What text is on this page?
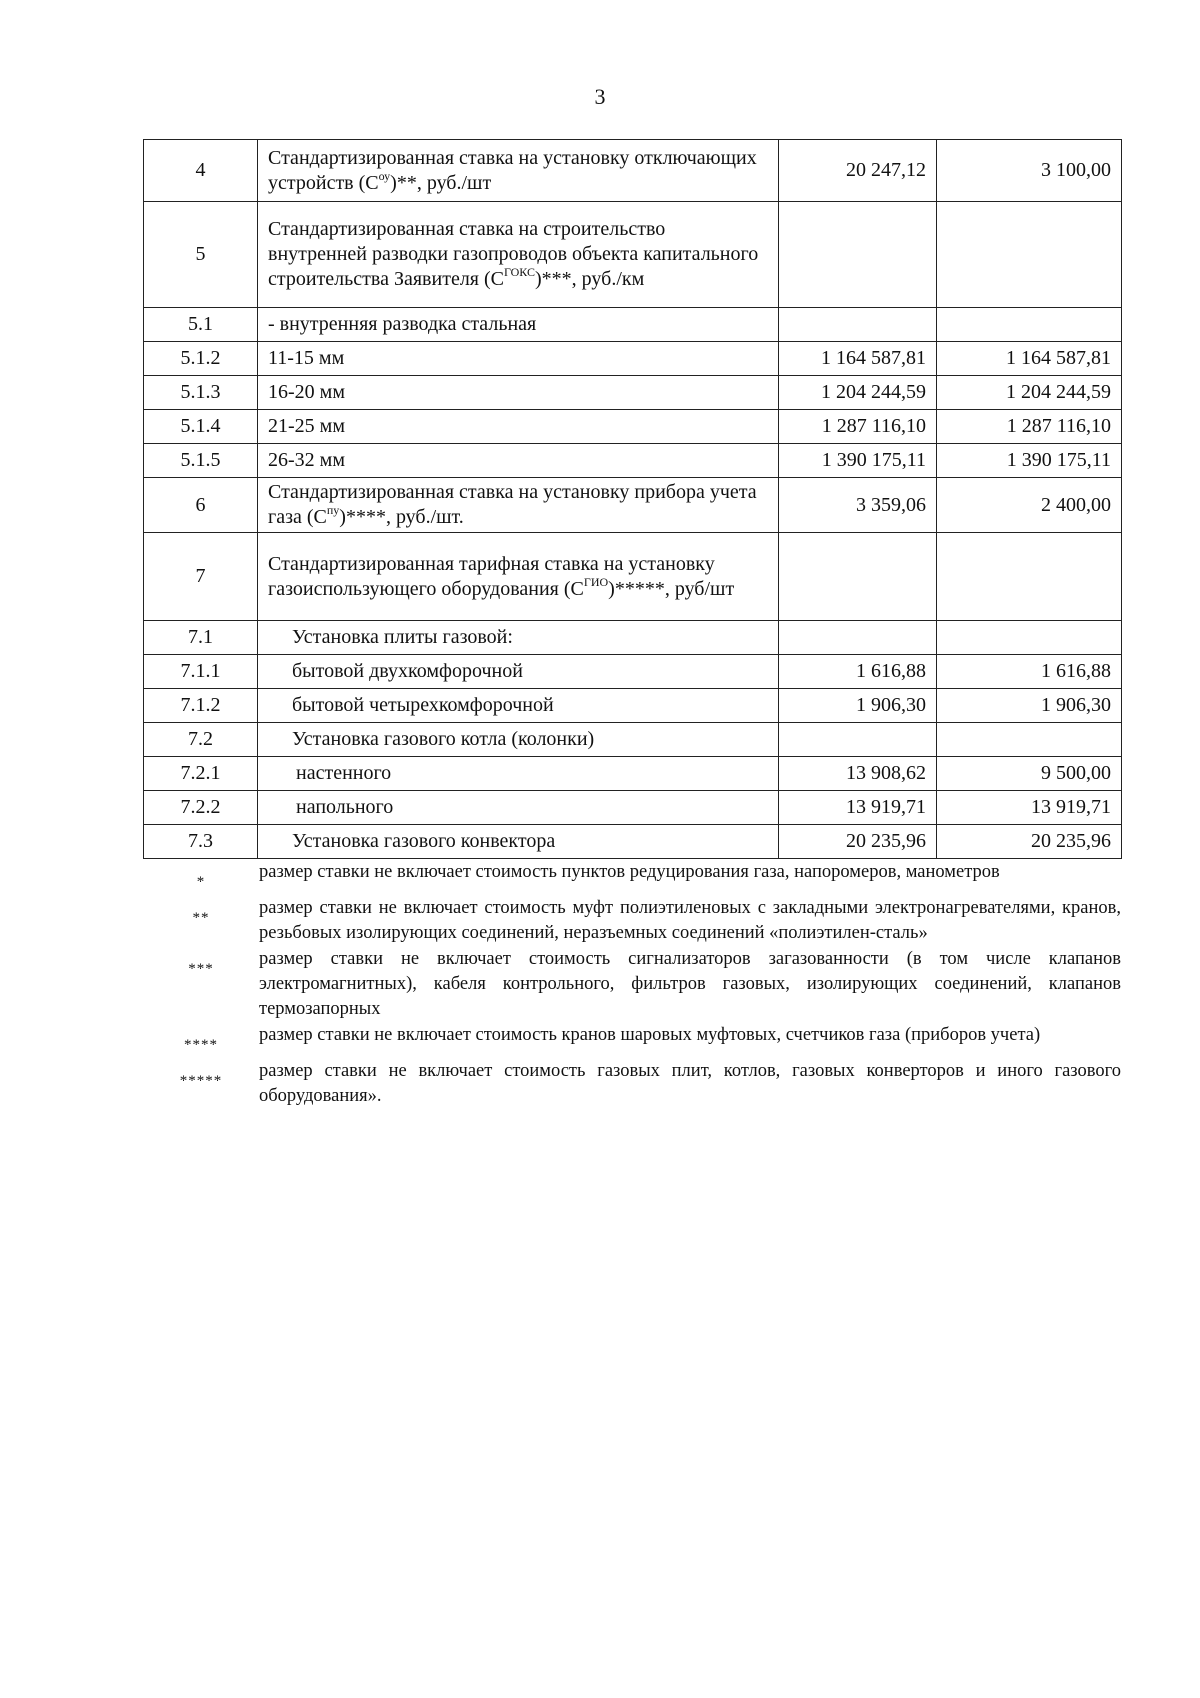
3
4	Стандартизированная ставка на установку отключающих устройств $(С^{оу})**$, руб./шт	20 247,12	3 100,00
5	Стандартизированная ставка на строительство внутренней разводки газопроводов объекта капитального строительства Заявителя $(С^{ГОКС})***$, руб./км		
5.1	- внутренняя разводка стальная		
5.1.2	11-15 мм	1 164 587,81	1 164 587,81
5.1.3	16-20 мм	1 204 244,59	1 204 244,59
5.1.4	21-25 мм	1 287 116,10	1 287 116,10
5.1.5	26-32 мм	1 390 175,11	1 390 175,11
6	Стандартизированная ставка на установку прибора учета газа $(С^{пу})****$, руб./шт.	3 359,06	2 400,00
7	Стандартизированная тарифная ставка на установку газоиспользующего оборудования $(С^{ГИО})*****$, руб/шт		
7.1	Установка плиты газовой:		
7.1.1	бытовой двухкомфорочной	1 616,88	1 616,88
7.1.2	бытовой четырехкомфорочной	1 906,30	1 906,30
7.2	Установка газового котла (колонки)		
7.2.1	настенного	13 908,62	9 500,00
7.2.2	напольного	13 919,71	13 919,71
7.3	Установка газового конвектора	20 235,96	20 235,96
*	размер ставки не включает стоимость пунктов редуцирования газа, напоромеров, манометров
**	размер ставки не включает стоимость муфт полиэтиленовых с закладными электронагревателями, кранов, резьбовых изолирующих соединений, неразъемных соединений «полиэтилен-сталь»
***	размер ставки не включает стоимость сигнализаторов загазованности (в том числе клапанов электромагнитных), кабеля контрольного, фильтров газовых, изолирующих соединений, клапанов термозапорных
****	размер ставки не включает стоимость кранов шаровых муфтовых, счетчиков газа (приборов учета)
*****	размер ставки не включает стоимость газовых плит, котлов, газовых конверторов и иного газового оборудования».
